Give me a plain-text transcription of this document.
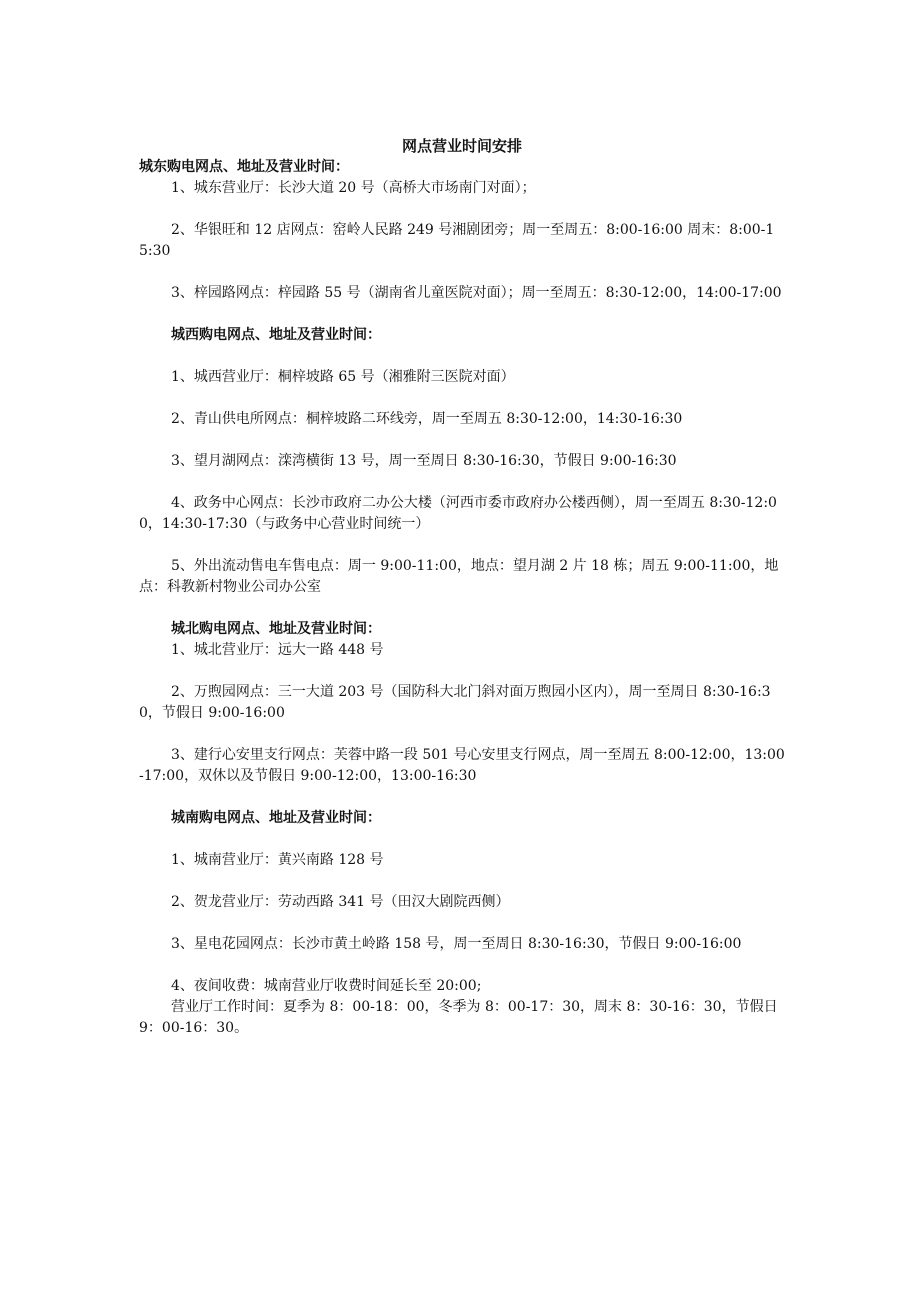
网点营业时间安排
城东购电网点、地址及营业时间：
1、城东营业厅：长沙大道 20 号（高桥大市场南门对面）；
2、华银旺和 12 店网点：窑岭人民路 249 号湘剧团旁；周一至周五：8:00-16:00 周末：8:00-15:30
3、梓园路网点：梓园路 55 号（湖南省儿童医院对面）；周一至周五：8:30-12:00，14:00-17:00
城西购电网点、地址及营业时间：
1、城西营业厅：桐梓坡路 65 号（湘雅附三医院对面）
2、青山供电所网点：桐梓坡路二环线旁，周一至周五 8:30-12:00，14:30-16:30
3、望月湖网点：滦湾横街 13 号，周一至周日 8:30-16:30，节假日 9:00-16:30
4、政务中心网点：长沙市政府二办公大楼（河西市委市政府办公楼西侧），周一至周五 8:30-12:00，14:30-17:30（与政务中心营业时间统一）
5、外出流动售电车售电点：周一 9:00-11:00，地点：望月湖 2 片 18 栋；周五 9:00-11:00，地点：科教新村物业公司办公室
城北购电网点、地址及营业时间：
1、城北营业厅：远大一路 448 号
2、万煦园网点：三一大道 203 号（国防科大北门斜对面万煦园小区内），周一至周日 8:30-16:30，节假日 9:00-16:00
3、建行心安里支行网点：芙蓉中路一段 501 号心安里支行网点，周一至周五 8:00-12:00，13:00-17:00，双休以及节假日 9:00-12:00，13:00-16:30
城南购电网点、地址及营业时间：
1、城南营业厅：黄兴南路 128 号
2、贺龙营业厅：劳动西路 341 号（田汉大剧院西侧）
3、星电花园网点：长沙市黄土岭路 158 号，周一至周日 8:30-16:30，节假日 9:00-16:00
4、夜间收费：城南营业厅收费时间延长至 20:00;
营业厅工作时间：夏季为 8：00-18：00，冬季为 8：00-17：30，周末 8：30-16：30，节假日 9：00-16：30。
